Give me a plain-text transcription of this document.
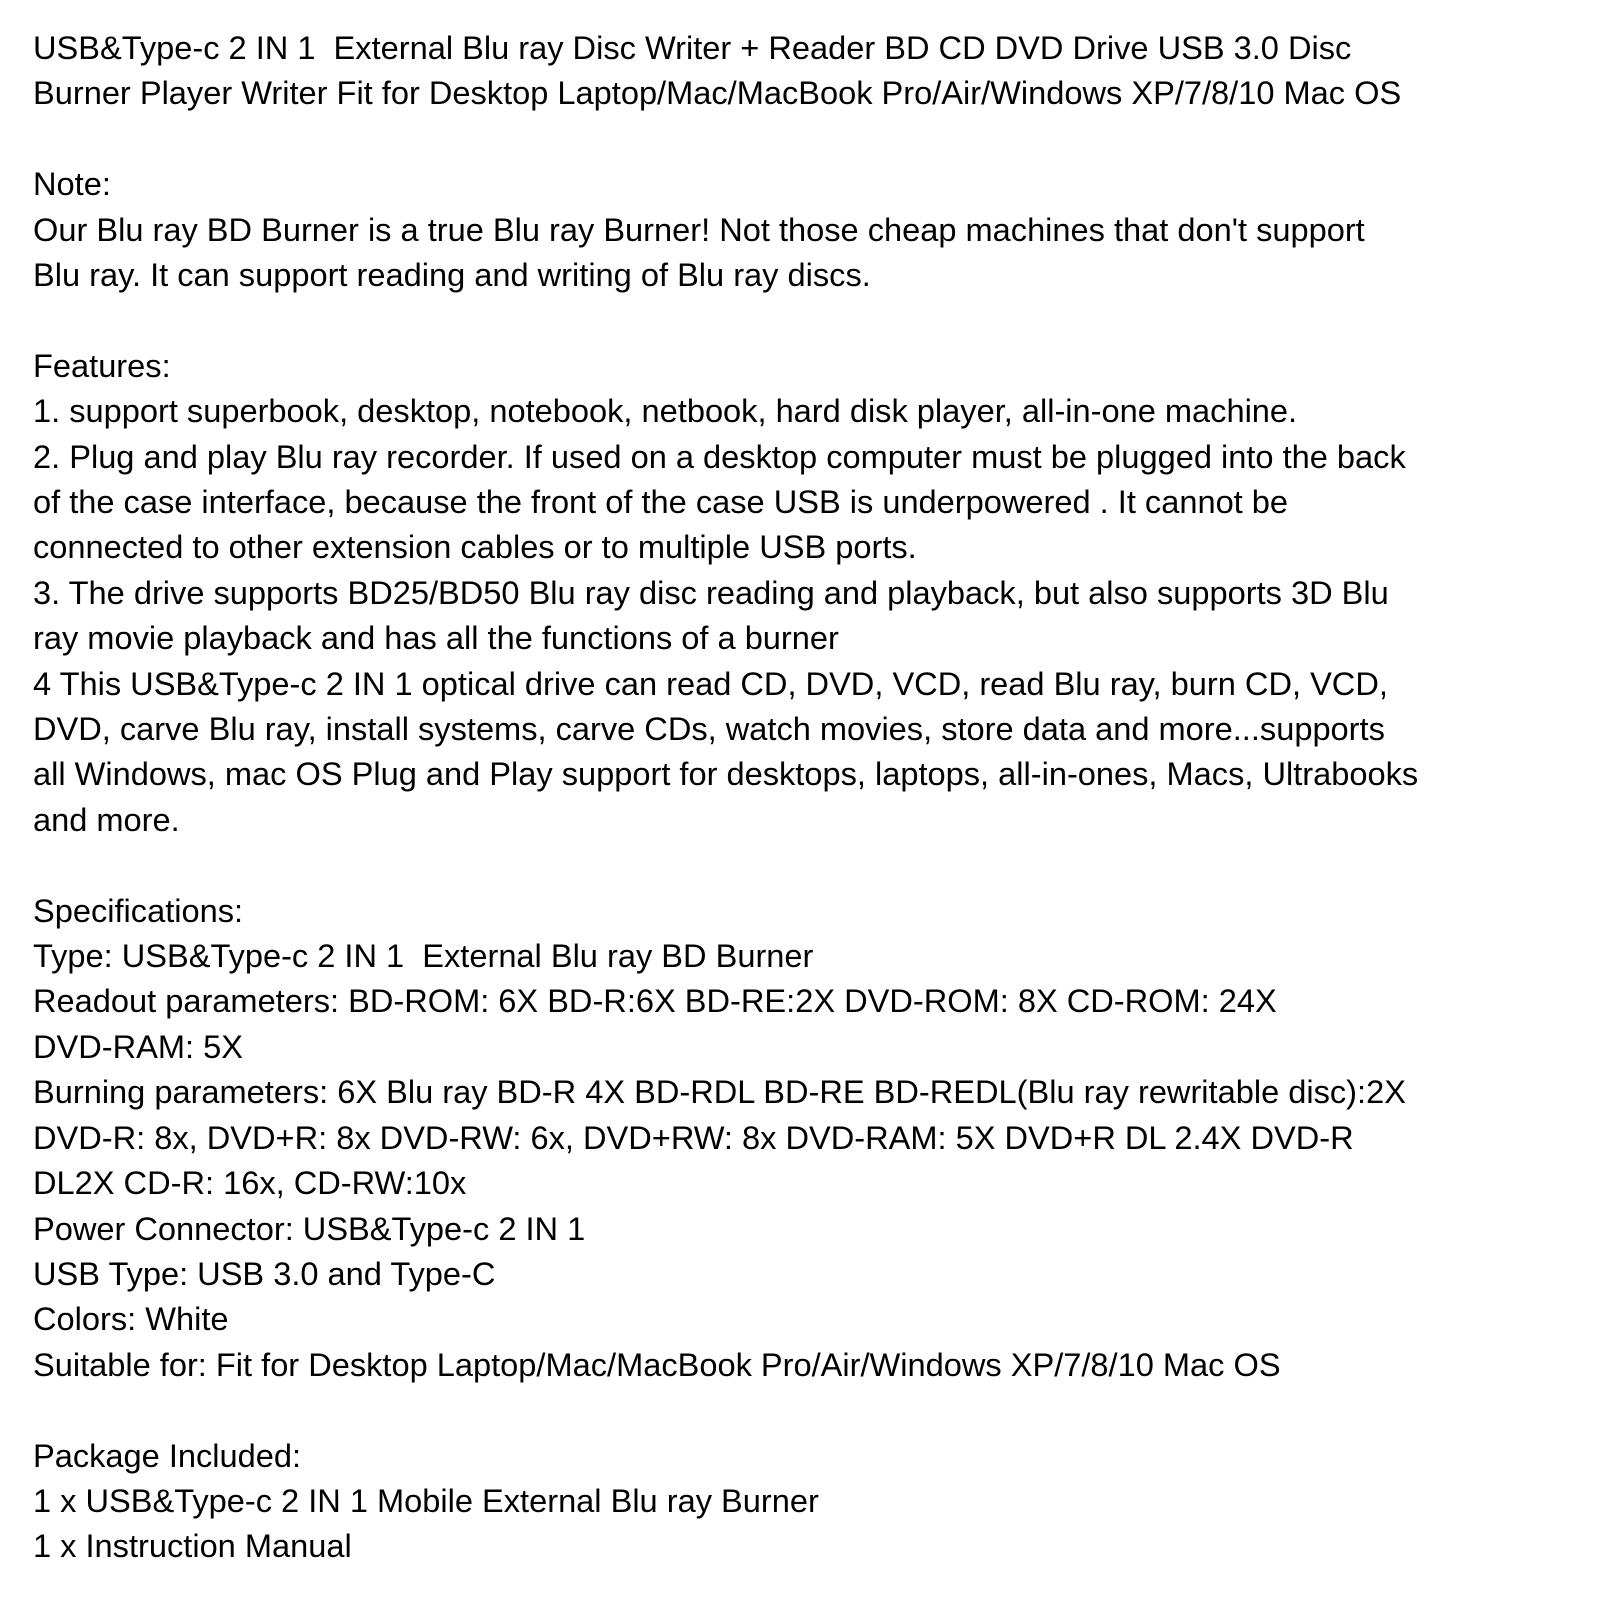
USB&Type-c 2 IN 1  External Blu ray Disc Writer + Reader BD CD DVD Drive USB 3.0 Disc
Burner Player Writer Fit for Desktop Laptop/Mac/MacBook Pro/Air/Windows XP/7/8/10 Mac OS
Note:
Our Blu ray BD Burner is a true Blu ray Burner! Not those cheap machines that don't support
Blu ray. It can support reading and writing of Blu ray discs.
Features:
1. support superbook, desktop, notebook, netbook, hard disk player, all-in-one machine.
2. Plug and play Blu ray recorder. If used on a desktop computer must be plugged into the back
of the case interface, because the front of the case USB is underpowered . It cannot be
connected to other extension cables or to multiple USB ports.
3. The drive supports BD25/BD50 Blu ray disc reading and playback, but also supports 3D Blu
ray movie playback and has all the functions of a burner
4 This USB&Type-c 2 IN 1 optical drive can read CD, DVD, VCD, read Blu ray, burn CD, VCD,
DVD, carve Blu ray, install systems, carve CDs, watch movies, store data and more...supports
all Windows, mac OS Plug and Play support for desktops, laptops, all-in-ones, Macs, Ultrabooks
and more.
Specifications:
Type: USB&Type-c 2 IN 1  External Blu ray BD Burner
Readout parameters: BD-ROM: 6X BD-R:6X BD-RE:2X DVD-ROM: 8X CD-ROM: 24X
DVD-RAM: 5X
Burning parameters: 6X Blu ray BD-R 4X BD-RDL BD-RE BD-REDL(Blu ray rewritable disc):2X
DVD-R: 8x, DVD+R: 8x DVD-RW: 6x, DVD+RW: 8x DVD-RAM: 5X DVD+R DL 2.4X DVD-R
DL2X CD-R: 16x, CD-RW:10x
Power Connector: USB&Type-c 2 IN 1
USB Type: USB 3.0 and Type-C
Colors: White
Suitable for: Fit for Desktop Laptop/Mac/MacBook Pro/Air/Windows XP/7/8/10 Mac OS
Package Included:
1 x USB&Type-c 2 IN 1 Mobile External Blu ray Burner
1 x Instruction Manual
